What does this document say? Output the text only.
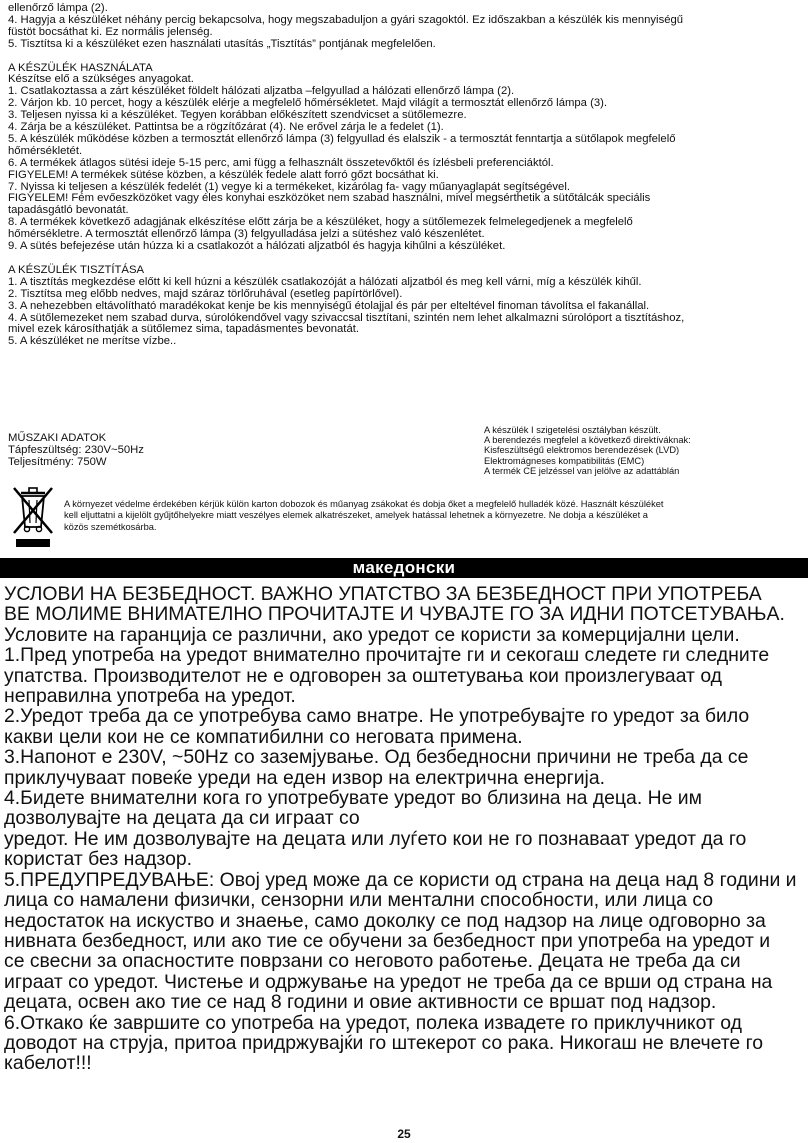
ellenőrző lámpa (2).

4. Hagyja a készüléket néhány percig bekapcsolva, hogy megszabaduljon a gyári szagoktól. Ez időszakban a készülék kis mennyiségű

füstöt bocsáthat ki. Ez normális jelenség.

5. Tisztítsa ki a készüléket ezen használati utasítás „Tisztítás” pontjának megfelelően.

A KÉSZÜLÉK HASZNÁLATA

Készítse elő a szükséges anyagokat.

1. Csatlakoztassa a zárt készüléket földelt hálózati aljzatba –felgyullad a hálózati ellenőrző lámpa (2).

2. Várjon kb. 10 percet, hogy a készülék elérje a megfelelő hőmérsékletet. Majd világít a termosztát ellenőrző lámpa (3).

3. Teljesen nyissa ki a készüléket. Tegyen korábban előkészített szendvicset a sütőlemezre.

4. Zárja be a készüléket. Pattintsa be a rögzítőzárat (4). Ne erővel zárja le a fedelet (1).

5. A készülék működése közben a termosztát ellenőrző lámpa (3) felgyullad és elalszik - a termosztát fenntartja a sütőlapok megfelelő

hőmérsékletét.

6. A termékek átlagos sütési ideje 5-15 perc, ami függ a felhasznált összetevőktől és ízlésbeli preferenciáktól.

FIGYELEM! A termékek sütése közben, a készülék fedele alatt forró gőzt bocsáthat ki.

7. Nyissa ki teljesen a készülék fedelét (1) vegye ki a termékeket, kizárólag fa- vagy műanyaglapát segítségével.

FIGYELEM! Fém evőeszközöket vagy éles konyhai eszközöket nem szabad használni, mivel megsérthetik a sütőtálcák speciális

tapadásgátló bevonatát.

8. A termékek következő adagjának elkészítése előtt zárja be a készüléket, hogy a sütőlemezek felmelegedjenek a megfelelő

hőmérsékletre. A termosztát ellenőrző lámpa (3) felgyulladása jelzi a sütéshez való készenlétet.

9. A sütés befejezése után húzza ki a csatlakozót a hálózati aljzatból és hagyja kihűlni a készüléket.

A KÉSZÜLÉK TISZTÍTÁSA

1. A tisztítás megkezdése előtt ki kell húzni a készülék csatlakozóját a hálózati aljzatból és meg kell várni, míg a készülék kihűl.

2. Tisztítsa meg előbb nedves, majd száraz törlőruhával (esetleg papírtörlővel).

3. A nehezebben eltávolítható maradékokat kenje be kis mennyiségű étolajjal és pár per elteltével finoman távolítsa el fakanállal.

4. A sütőlemezeket nem szabad durva, súrolókendővel vagy szivaccsal tisztítani, szintén nem lehet alkalmazni súrolóport a tisztításhoz,

mivel ezek károsíthatják a sütőlemez sima, tapadásmentes bevonatát.

5. A készüléket ne merítse vízbe..

MŰSZAKI ADATOK
Tápfeszültség: 230V~50Hz
Teljesítmény: 750W
A készülék I szigetelési osztályban készült.
A berendezés megfelel a következő direktíváknak:
Kisfeszültségű elektromos berendezések (LVD)
Elektromágneses kompatibilitás (EMC)
A termék CE jelzéssel van jelölve az adattáblán
A környezet védelme érdekében kérjük külön karton dobozok és műanyag zsákokat és dobja őket a megfelelő hulladék közé. Használt készüléket
kell eljuttatni a kijelölt gyűjtőhelyekre miatt veszélyes elemek alkatrészeket, amelyek hatással lehetnek a környezetre. Ne dobja a készüléket a
közös szemétkosárba.
македонски

УСЛОВИ НА БЕЗБЕДНОСТ. ВАЖНО УПАТСТВО ЗА БЕЗБЕДНОСТ ПРИ УПОТРЕБА

ВЕ МОЛИМЕ ВНИМАТЕЛНО ПРОЧИТАЈТЕ И ЧУВАЈТЕ ГО ЗА ИДНИ ПОТСЕТУВАЊА.

Условите на гаранција се различни, ако уредот се користи за комерцијални цели.

1.Пред употреба на уредот внимателно прочитајте ги и секогаш следете ги следните

упатства. Производителот не е одговорен за оштетувања кои произлегуваат од

неправилна употреба на уредот.

2.Уредот треба да се употребува само внатре. Не употребувајте го уредот за било

какви цели кои не се компатибилни со неговата примена.

3.Напонот е 230V, ~50Hz со заземјување. Од безбедносни причини не треба да се

приклучуваат повеќе уреди на еден извор на електрична енергија.

4.Бидете внимателни кога го употребувате уредот во близина на деца. Не им

дозволувајте на децата да си играат со

уредот. Не им дозволувајте на децата или луѓето кои не го познаваат уредот да го

користат без надзор.

5.ПРЕДУПРЕДУВАЊЕ: Овој уред може да се користи од страна на деца над 8 години и

лица со намалени физички, сензорни или ментални способности, или лица со

недостаток на искуство и знаење, само доколку се под надзор на лице одговорно за

нивната безбедност, или ако тие се обучени за безбедност при употреба на уредот и

се свесни за опасностите поврзани со неговото работење. Децата не треба да си

играат со уредот. Чистење и одржување на уредот не треба да се врши од страна на

децата, освен ако тие се над 8 години и овие активности се вршат под надзор.

6.Откако ќе завршите со употреба на уредот, полека извадете го приклучникот од

доводот на струја, притоа придржувајќи го штекерот со рака. Никогаш не влечете го

кабелот!!!

25
